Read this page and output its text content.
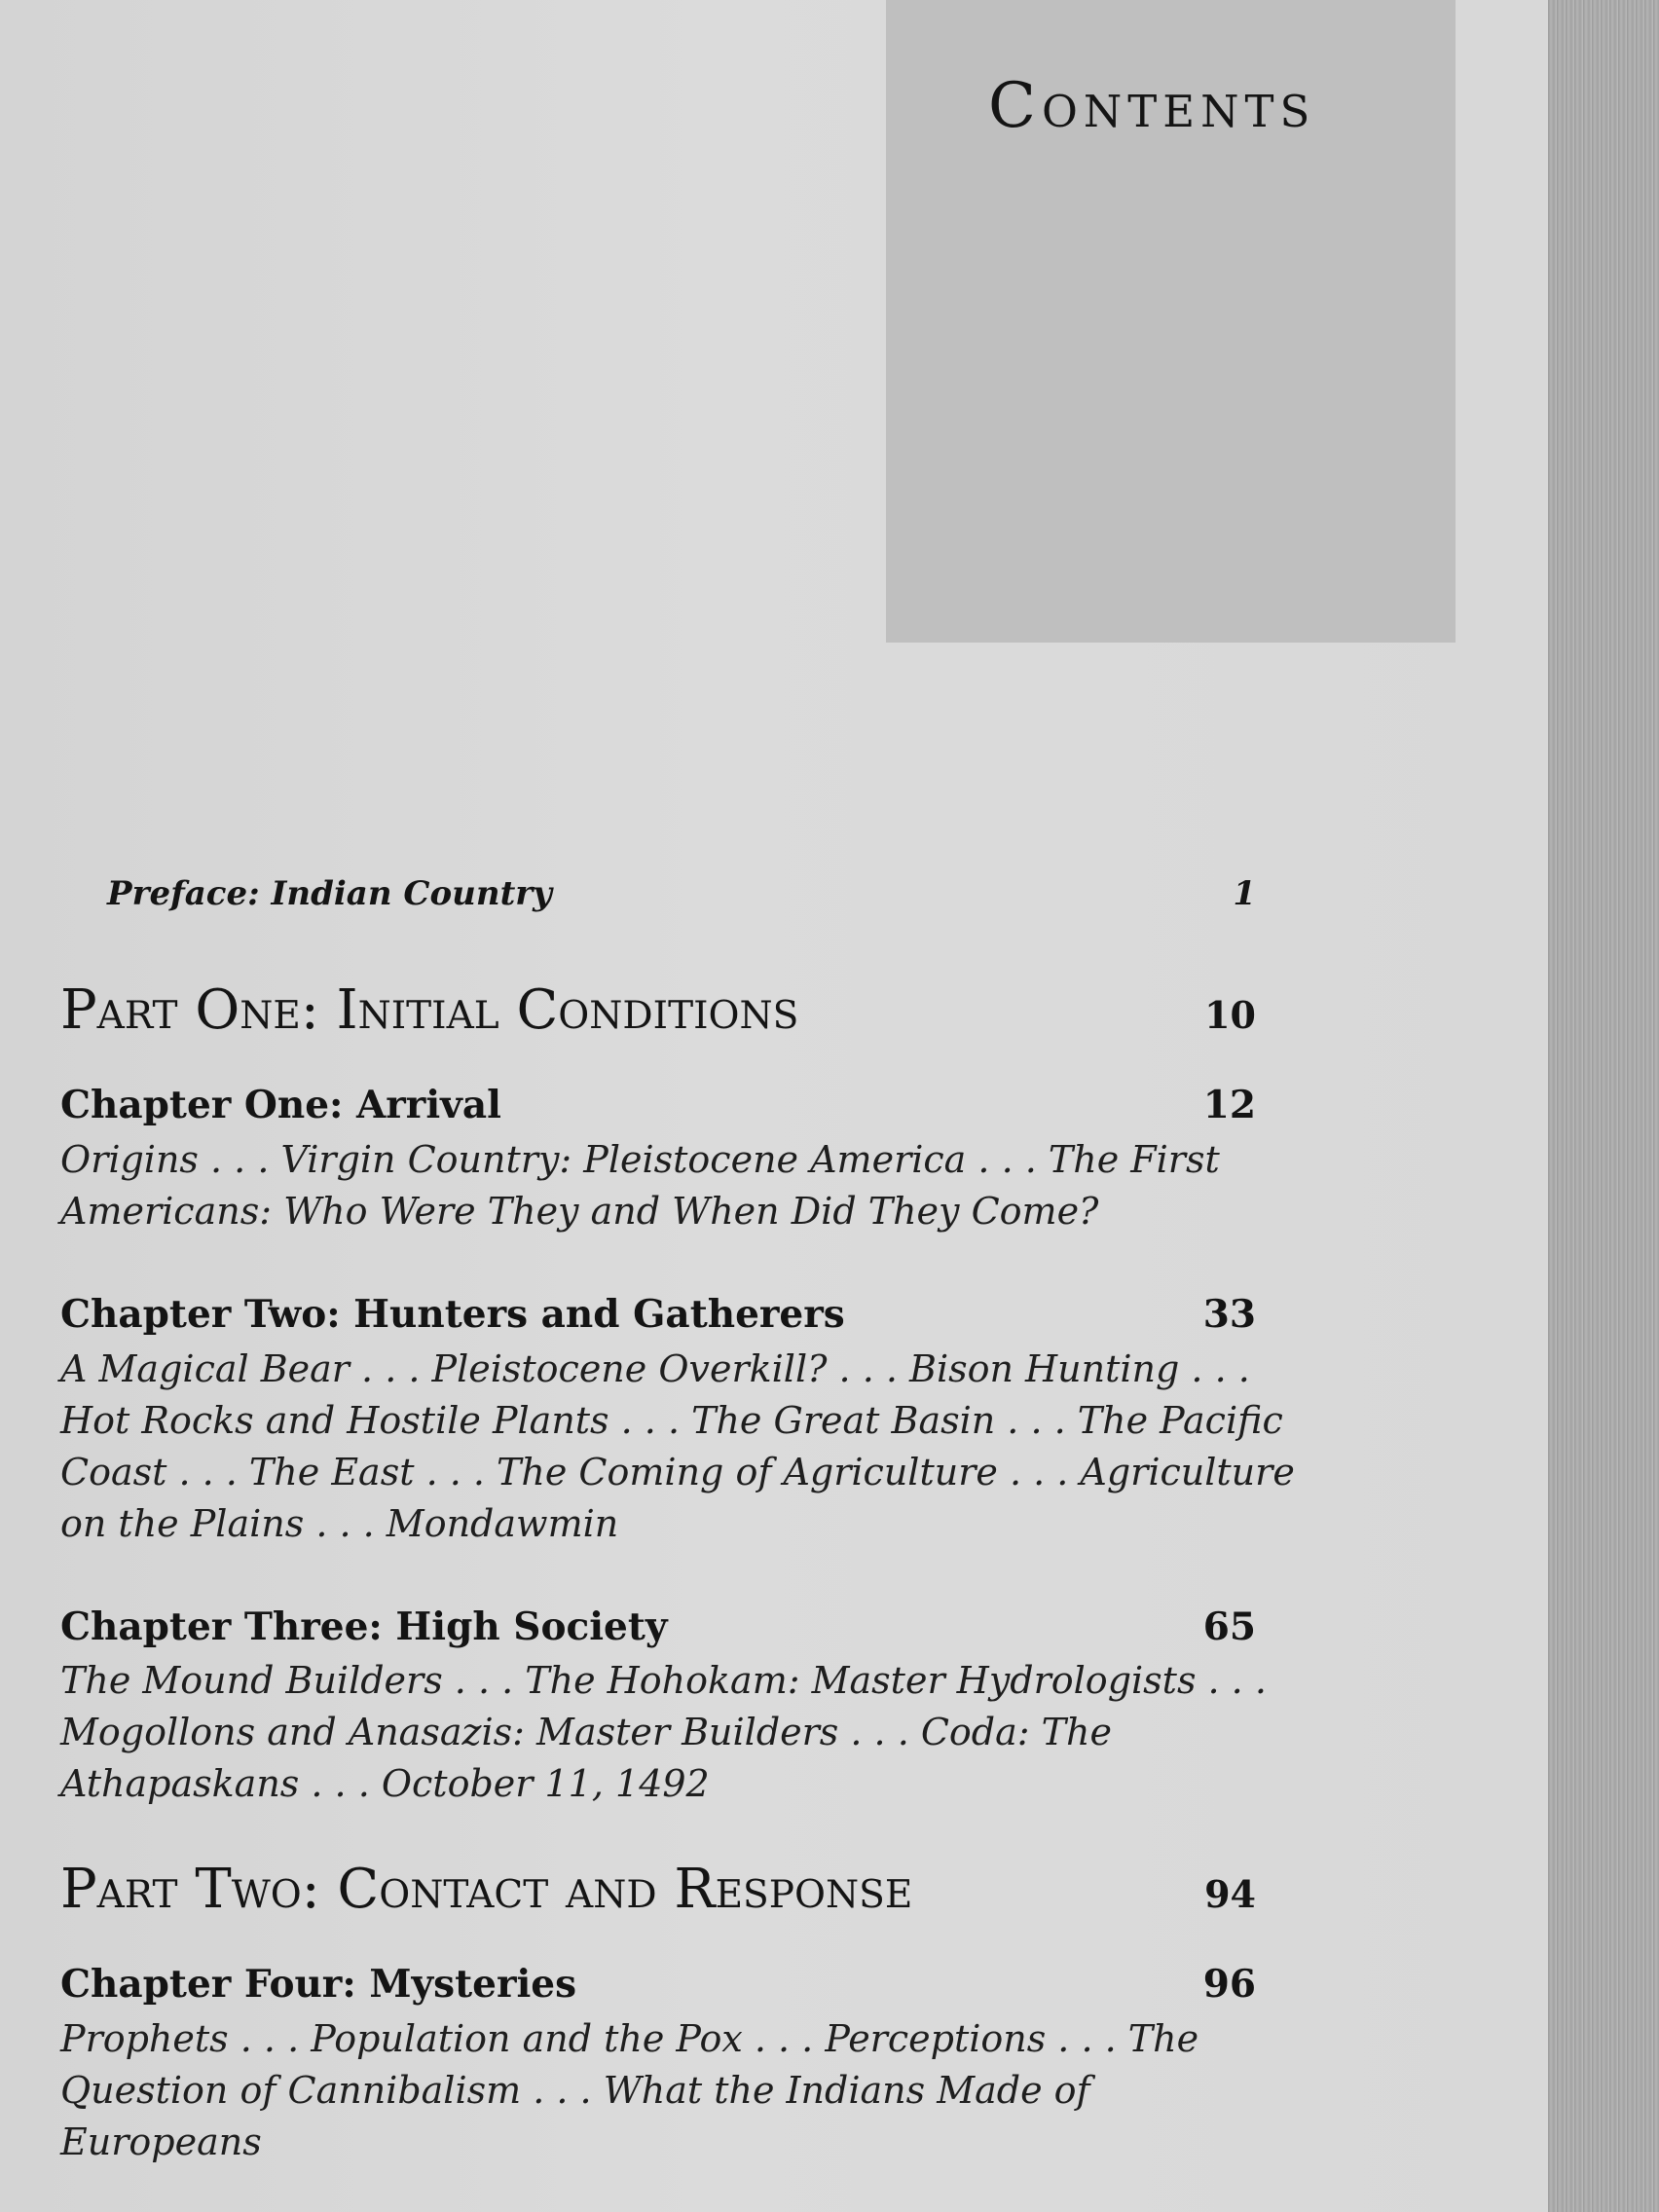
Contents
Preface: Indian Country	1
Part One: Initial Conditions	10
Chapter One: Arrival	12

Origins . . . Virgin Country: Pleistocene America . . . The First Americans: Who Were They and When Did They Come?

Chapter Two: Hunters and Gatherers	33

A Magical Bear . . . Pleistocene Overkill? . . . Bison Hunting . . . Hot Rocks and Hostile Plants . . . The Great Basin . . . The Pacific Coast . . . The East . . . The Coming of Agriculture . . . Agriculture on the Plains . . . Mondawmin

Chapter Three: High Society	65

The Mound Builders . . . The Hohokam: Master Hydrologists . . . Mogollons and Anasazis: Master Builders . . . Coda: The Athapaskans . . . October 11, 1492

Part Two: Contact and Response	94
Chapter Four: Mysteries	96

Prophets . . . Population and the Pox . . . Perceptions . . . The Question of Cannibalism . . . What the Indians Made of Europeans
